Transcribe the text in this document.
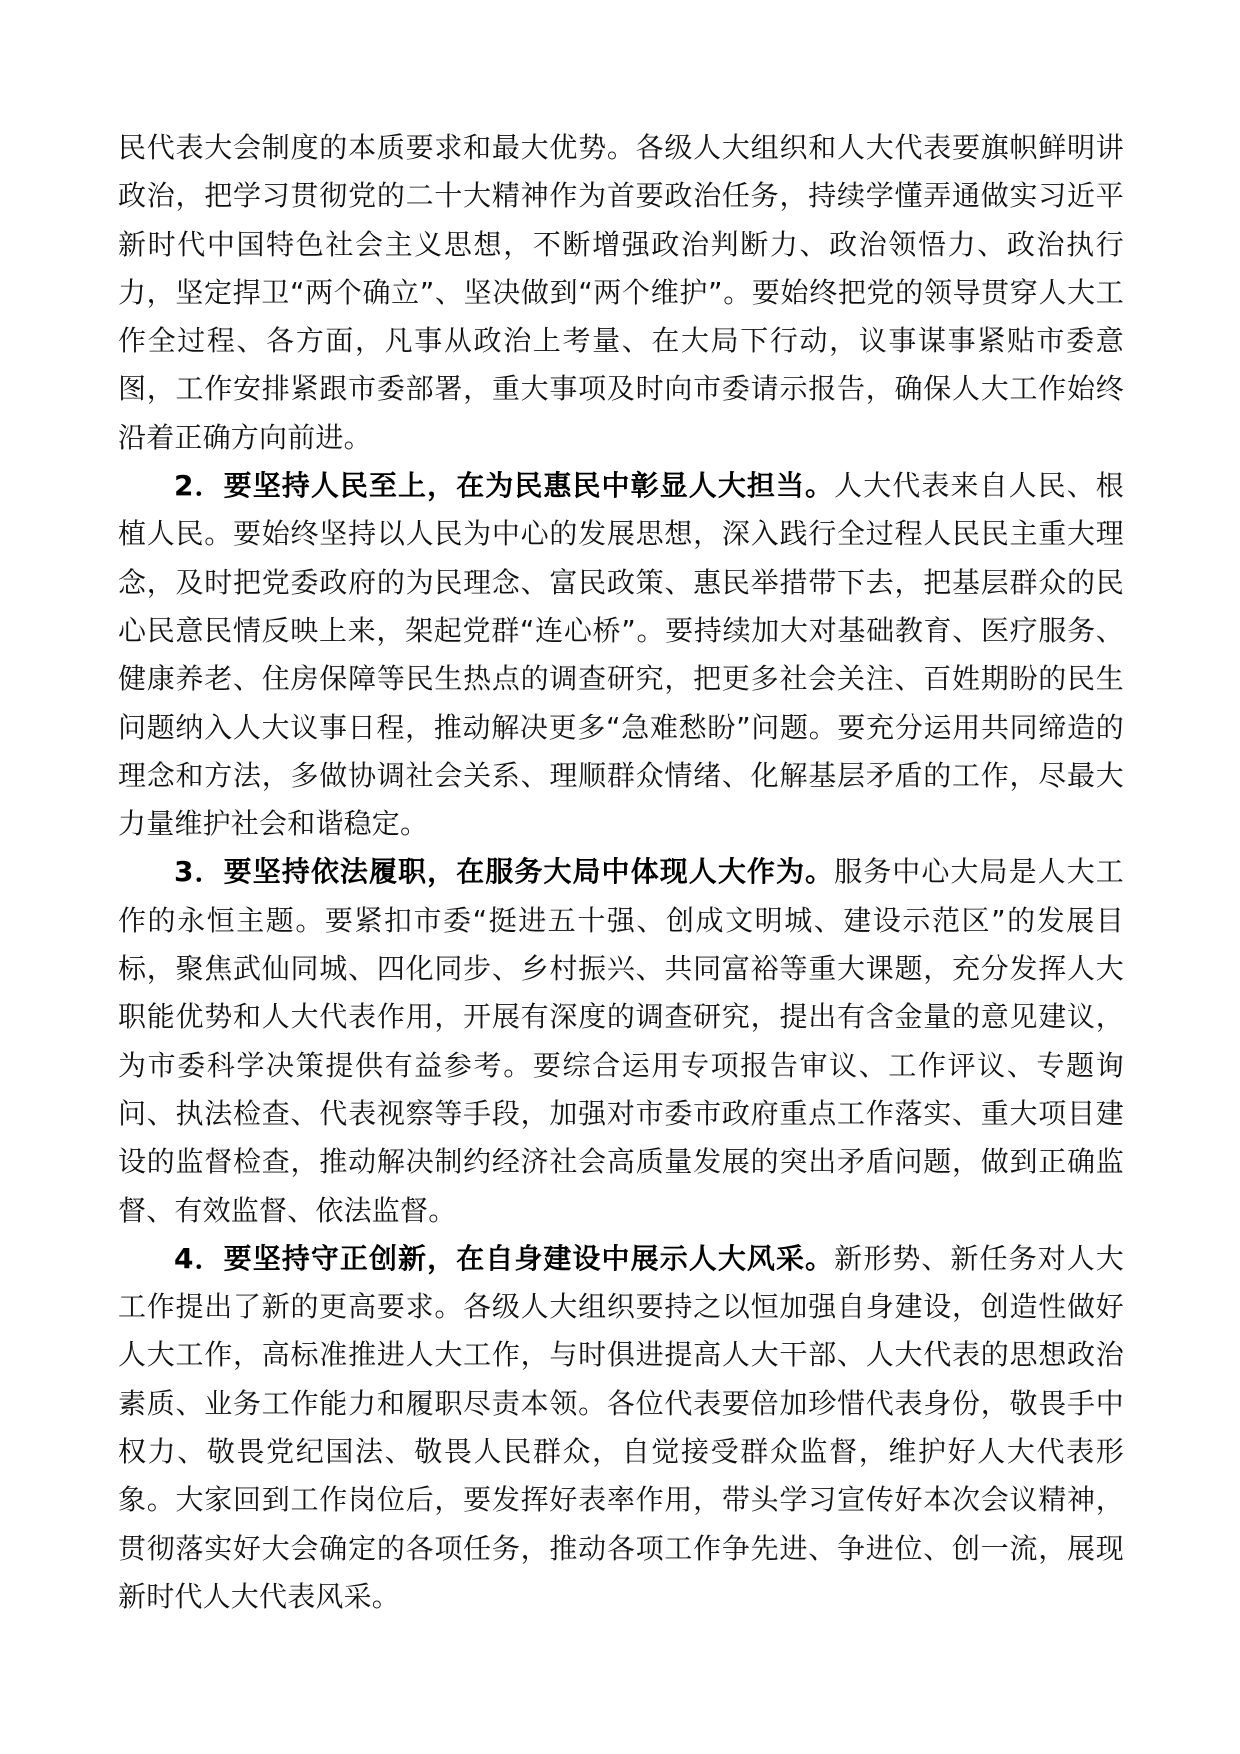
民代表大会制度的本质要求和最大优势。各级人大组织和人大代表要旗帜鲜明讲政治，把学习贯彻党的二十大精神作为首要政治任务，持续学懂弄通做实习近平新时代中国特色社会主义思想，不断增强政治判断力、政治领悟力、政治执行力，坚定捍卫“两个确立”、坚决做到“两个维护”。要始终把党的领导贯穿人大工作全过程、各方面，凡事从政治上考量、在大局下行动，议事谋事紧贴市委意图，工作安排紧跟市委部署，重大事项及时向市委请示报告，确保人大工作始终沿着正确方向前进。

2．要坚持人民至上，在为民惠民中彰显人大担当。人大代表来自人民、根植人民。要始终坚持以人民为中心的发展思想，深入践行全过程人民民主重大理念，及时把党委政府的为民理念、富民政策、惠民举措带下去，把基层群众的民心民意民情反映上来，架起党群“连心桥”。要持续加大对基础教育、医疗服务、健康养老、住房保障等民生热点的调查研究，把更多社会关注、百姓期盼的民生问题纳入人大议事日程，推动解决更多“急难愁盼”问题。要充分运用共同缔造的理念和方法，多做协调社会关系、理顺群众情绪、化解基层矛盾的工作，尽最大力量维护社会和谐稳定。

3．要坚持依法履职，在服务大局中体现人大作为。服务中心大局是人大工作的永恒主题。要紧扣市委“挺进五十强、创成文明城、建设示范区”的发展目标，聚焦武仙同城、四化同步、乡村振兴、共同富裕等重大课题，充分发挥人大职能优势和人大代表作用，开展有深度的调查研究，提出有含金量的意见建议，为市委科学决策提供有益参考。要综合运用专项报告审议、工作评议、专题询问、执法检查、代表视察等手段，加强对市委市政府重点工作落实、重大项目建设的监督检查，推动解决制约经济社会高质量发展的突出矛盾问题，做到正确监督、有效监督、依法监督。

4．要坚持守正创新，在自身建设中展示人大风采。新形势、新任务对人大工作提出了新的更高要求。各级人大组织要持之以恒加强自身建设，创造性做好人大工作，高标准推进人大工作，与时俱进提高人大干部、人大代表的思想政治素质、业务工作能力和履职尽责本领。各位代表要倍加珍惜代表身份，敬畏手中权力、敬畏党纪国法、敬畏人民群众，自觉接受群众监督，维护好人大代表形象。大家回到工作岗位后，要发挥好表率作用，带头学习宣传好本次会议精神，贯彻落实好大会确定的各项任务，推动各项工作争先进、争进位、创一流，展现新时代人大代表风采。
